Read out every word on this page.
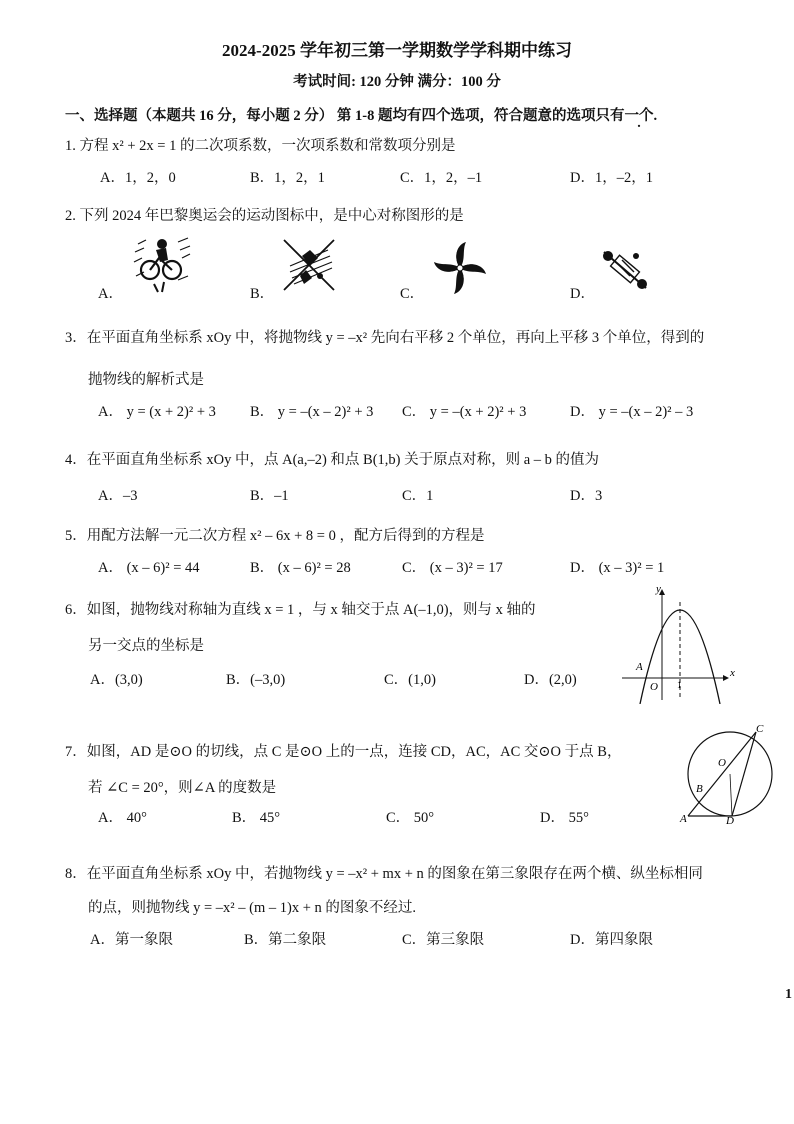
2024-2025 学年初三第一学期数学学科期中练习
考试时间: 120 分钟 满分：100 分
一、选择题（本题共 16 分，每小题 2 分） 第 1-8 题均有四个选项，符合题意的选项只有一个.
1. 方程 x² + 2x = 1 的二次项系数，一次项系数和常数项分别是
A．1，2，0	B．1，2，1	C．1，2，–1	D．1，–2，1
2. 下列 2024 年巴黎奥运会的运动图标中，是中心对称图形的是
A．	B．	C．	D．
3．在平面直角坐标系 xOy 中，将抛物线 y = –x² 先向右平移 2 个单位，再向上平移 3 个单位，得到的
抛物线的解析式是
A． y = (x + 2)² + 3 B． y = –(x – 2)² + 3 C． y = –(x + 2)² + 3	D． y = –(x – 2)² – 3
4．在平面直角坐标系 xOy 中，点 A(a,–2) 和点 B(1,b) 关于原点对称，则 a – b 的值为
A．–3	B．–1	C．1	D．3
5．用配方法解一元二次方程 x² – 6x + 8 = 0 ，配方后得到的方程是
A． (x – 6)² = 44	B． (x – 6)² = 28	C． (x – 3)² = 17	D． (x – 3)² = 1
6．如图，抛物线对称轴为直线 x = 1 ，与 x 轴交于点 A(–1,0)，则与 x 轴的
另一交点的坐标是
A．(3,0)	B．(–3,0)	C．(1,0)	D．(2,0)
y
x
A
O 1
7．如图，AD 是⊙O 的切线，点 C 是⊙O 上的一点，连接 CD，AC，AC 交⊙O 于点 B，
若 ∠C = 20°，则∠A 的度数是
A． 40°	B． 45°	C． 50°	D． 55°
C
O
B
A	D
8．在平面直角坐标系 xOy 中，若抛物线 y = –x² + mx + n 的图象在第三象限存在两个横、纵坐标相同
的点，则抛物线 y = –x² – (m – 1)x + n 的图象不经过.
A．第一象限	B．第二象限	C．第三象限	D．第四象限
1
